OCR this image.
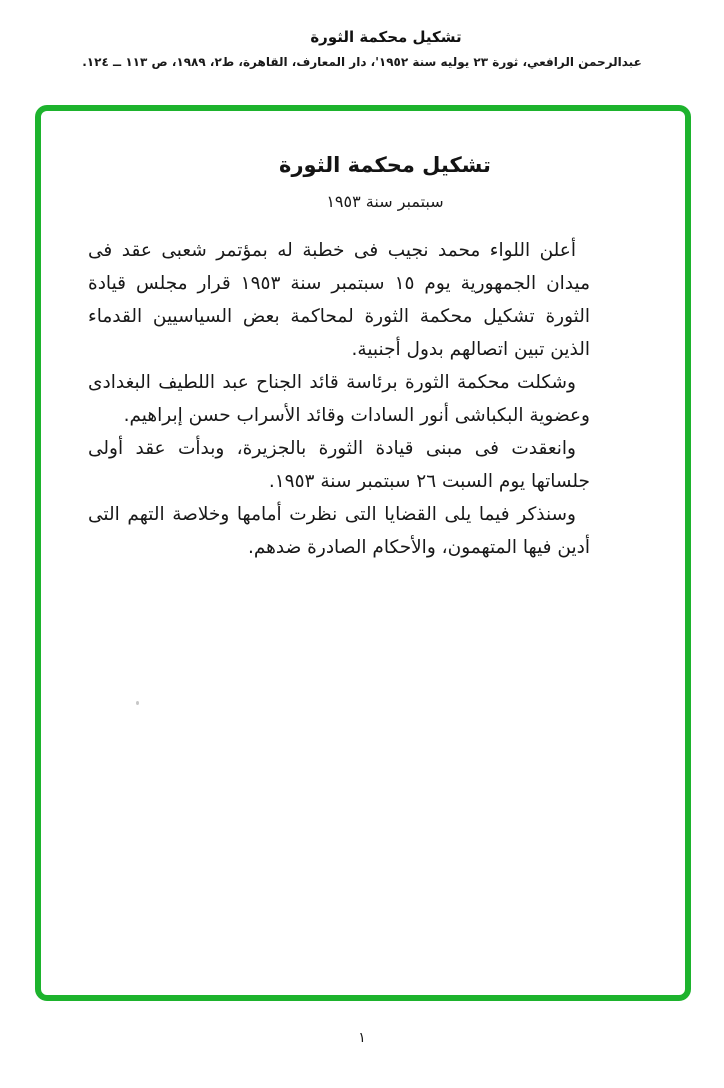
تشكيل محكمة الثورة
عبدالرحمن الرافعي، ثورة ٢٣ يوليه سنة ١٩٥٢'، دار المعارف، القاهرة، ط٢، ١٩٨٩، ص ١١٣ ــ ١٢٤.
تشكيل محكمة الثورة
سبتمبر سنة ١٩٥٣

أعلن اللواء محمد نجيب فى خطبة له بمؤتمر شعبى عقد فى ميدان الجمهورية يوم ١٥ سبتمبر سنة ١٩٥٣ قرار مجلس قيادة الثورة تشكيل محكمة الثورة لمحاكمة بعض السياسيين القدماء الذين تبين اتصالهم بدول أجنبية.

وشكلت محكمة الثورة برئاسة قائد الجناح عبد اللطيف البغدادى وعضوية البكباشى أنور السادات وقائد الأسراب حسن إبراهيم.

وانعقدت فى مبنى قيادة الثورة بالجزيرة، وبدأت عقد أولى جلساتها يوم السبت ٢٦ سبتمبر سنة ١٩٥٣.

وسنذكر فيما يلى القضايا التى نظرت أمامها وخلاصة التهم التى أدين فيها المتهمون، والأحكام الصادرة ضدهم.

١
